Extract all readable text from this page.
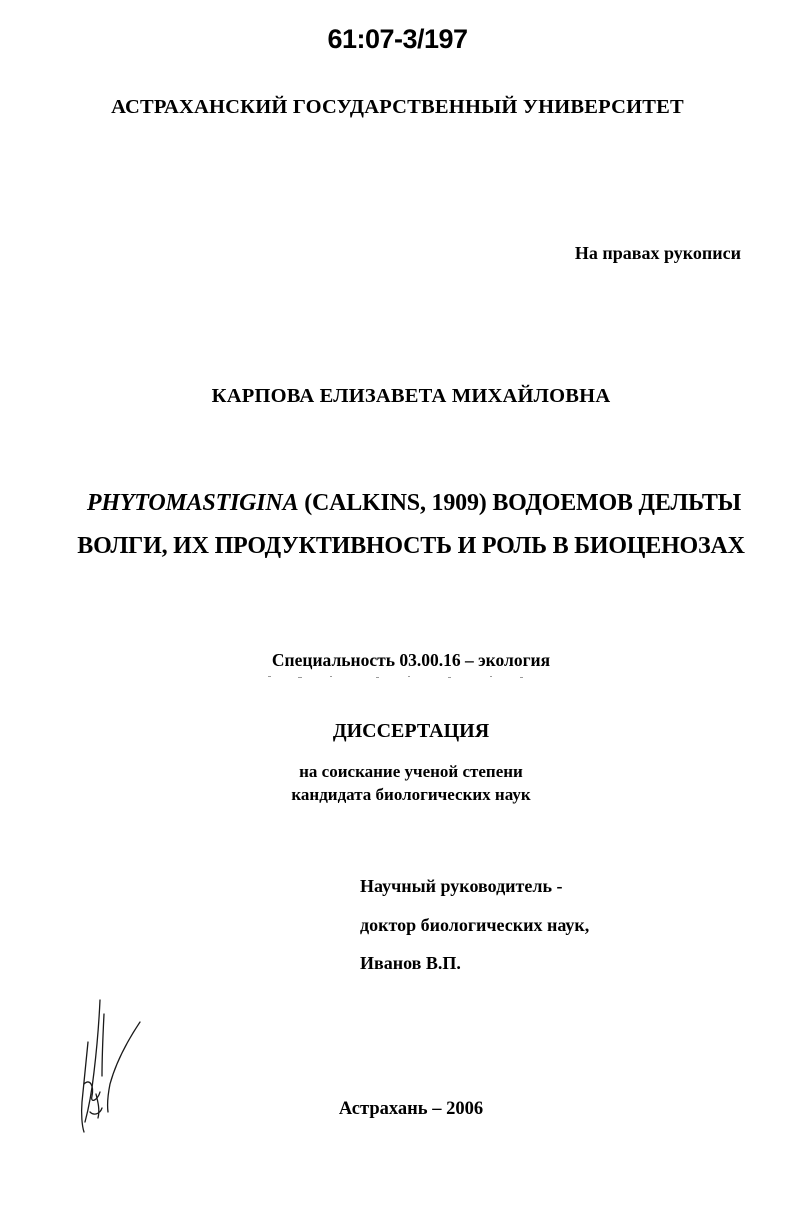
61:07-3/197
АСТРАХАНСКИЙ ГОСУДАРСТВЕННЫЙ УНИВЕРСИТЕТ
На правах рукописи
КАРПОВА ЕЛИЗАВЕТА МИХАЙЛОВНА
PHYTOMASTIGINA (CALKINS, 1909) ВОДОЕМОВ ДЕЛЬТЫ
ВОЛГИ, ИХ ПРОДУКТИВНОСТЬ И РОЛЬ В БИОЦЕНОЗАХ
Специальность 03.00.16 – экология
ДИССЕРТАЦИЯ
на соискание ученой степени
кандидата биологических наук
Научный руководитель -
доктор биологических наук,
Иванов В.П.
Астрахань – 2006
